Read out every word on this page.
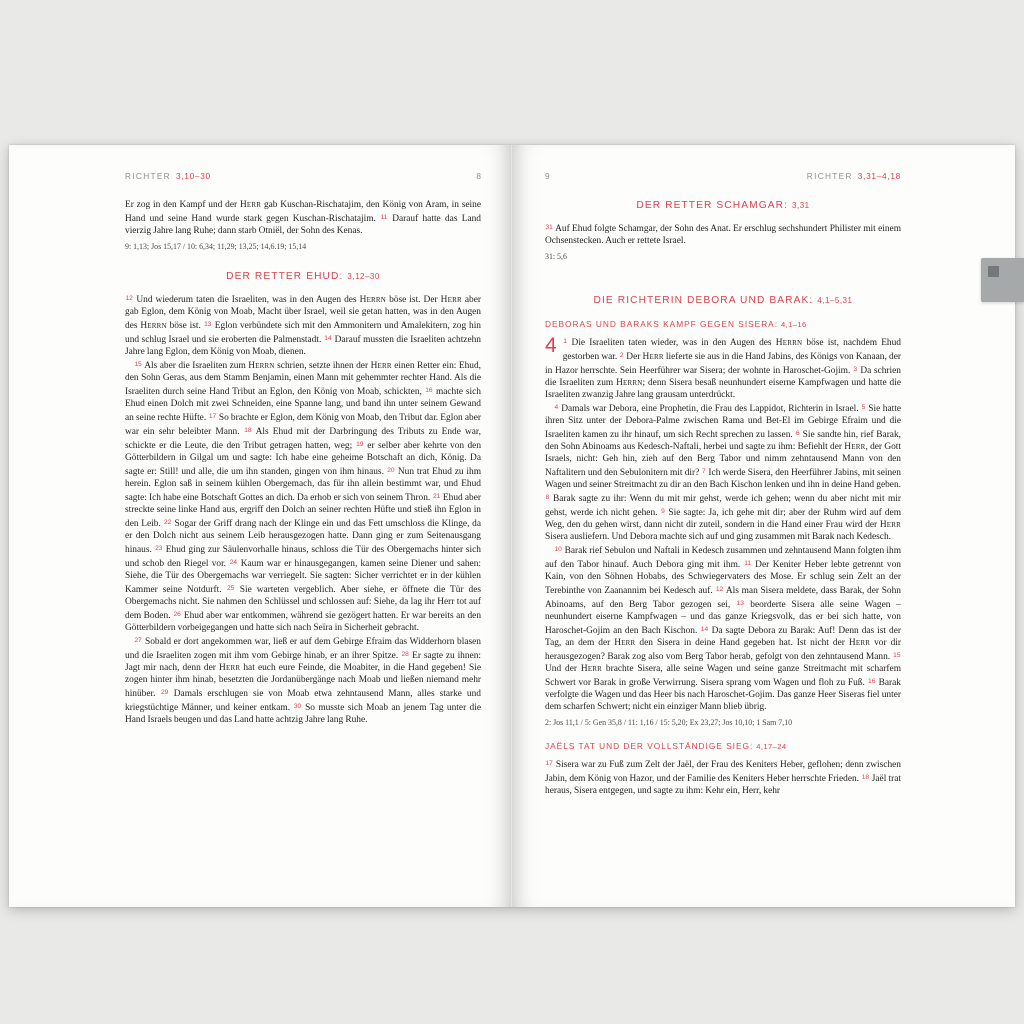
RICHTER 3,10–30	8

Er zog in den Kampf und der Herr gab Kuschan-Rischatajim, den König von Aram, in seine Hand und seine Hand wurde stark gegen Kuschan-Rischatajim. $^{11}$ Darauf hatte das Land vierzig Jahre lang Ruhe; dann starb Otniël, der Sohn des Kenas.

9: 1,13; Jos 15,17 / 10: 6,34; 11,29; 13,25; 14,6.19; 15,14

DER RETTER EHUD: 3,12–30

$^{12}$ Und wiederum taten die Israeliten, was in den Augen des Herrn böse ist. Der Herr aber gab Eglon, dem König von Moab, Macht über Israel, weil sie getan hatten, was in den Augen des Herrn böse ist. $^{13}$ Eglon verbündete sich mit den Ammonitern und Amalekitern, zog hin und schlug Israel und sie eroberten die Palmenstadt. $^{14}$ Darauf mussten die Israeliten achtzehn Jahre lang Eglon, dem König von Moab, dienen.

$^{15}$ Als aber die Israeliten zum Herrn schrien, setzte ihnen der Herr einen Retter ein: Ehud, den Sohn Geras, aus dem Stamm Benjamin, einen Mann mit gehemmter rechter Hand. Als die Israeliten durch seine Hand Tribut an Eglon, den König von Moab, schickten, $^{16}$ machte sich Ehud einen Dolch mit zwei Schneiden, eine Spanne lang, und band ihn unter seinem Gewand an seine rechte Hüfte. $^{17}$ So brachte er Eglon, dem König von Moab, den Tribut dar. Eglon aber war ein sehr beleibter Mann. $^{18}$ Als Ehud mit der Darbringung des Tributs zu Ende war, schickte er die Leute, die den Tribut getragen hatten, weg; $^{19}$ er selber aber kehrte von den Götterbildern in Gilgal um und sagte: Ich habe eine geheime Botschaft an dich, König. Da sagte er: Still! und alle, die um ihn standen, gingen von ihm hinaus. $^{20}$ Nun trat Ehud zu ihm herein. Eglon saß in seinem kühlen Obergemach, das für ihn allein bestimmt war, und Ehud sagte: Ich habe eine Botschaft Gottes an dich. Da erhob er sich von seinem Thron. $^{21}$ Ehud aber streckte seine linke Hand aus, ergriff den Dolch an seiner rechten Hüfte und stieß ihn Eglon in den Leib. $^{22}$ Sogar der Griff drang nach der Klinge ein und das Fett umschloss die Klinge, da er den Dolch nicht aus seinem Leib herausgezogen hatte. Dann ging er zum Seitenausgang hinaus. $^{23}$ Ehud ging zur Säulenvorhalle hinaus, schloss die Tür des Obergemachs hinter sich und schob den Riegel vor. $^{24}$ Kaum war er hinausgegangen, kamen seine Diener und sahen: Siehe, die Tür des Obergemachs war verriegelt. Sie sagten: Sicher verrichtet er in der kühlen Kammer seine Notdurft. $^{25}$ Sie warteten vergeblich. Aber siehe, er öffnete die Tür des Obergemachs nicht. Sie nahmen den Schlüssel und schlossen auf: Siehe, da lag ihr Herr tot auf dem Boden. $^{26}$ Ehud aber war entkommen, während sie gezögert hatten. Er war bereits an den Götterbildern vorbeigegangen und hatte sich nach Seïra in Sicherheit gebracht.

$^{27}$ Sobald er dort angekommen war, ließ er auf dem Gebirge Efraim das Widderhorn blasen und die Israeliten zogen mit ihm vom Gebirge hinab, er an ihrer Spitze. $^{28}$ Er sagte zu ihnen: Jagt mir nach, denn der Herr hat euch eure Feinde, die Moabiter, in die Hand gegeben! Sie zogen hinter ihm hinab, besetzten die Jordanübergänge nach Moab und ließen niemand mehr hinüber. $^{29}$ Damals erschlugen sie von Moab etwa zehntausend Mann, alles starke und kriegstüchtige Männer, und keiner entkam. $^{30}$ So musste sich Moab an jenem Tag unter die Hand Israels beugen und das Land hatte achtzig Jahre lang Ruhe.

9	RICHTER 3,31–4,18
DER RETTER SCHAMGAR: 3,31

$^{31}$ Auf Ehud folgte Schamgar, der Sohn des Anat. Er erschlug sechshundert Philister mit einem Ochsenstecken. Auch er rettete Israel.

31: 5,6

DIE RICHTERIN DEBORA UND BARAK: 4,1–5,31
DEBORAS UND BARAKS KAMPF GEGEN SISERA: 4,1–16

4 $^1$ Die Israeliten taten wieder, was in den Augen des Herrn böse ist, nachdem Ehud gestorben war. $^2$ Der Herr lieferte sie aus in die Hand Jabins, des Königs von Kanaan, der in Hazor herrschte. Sein Heerführer war Sisera; der wohnte in Haroschet-Gojim. $^3$ Da schrien die Israeliten zum Herrn; denn Sisera besaß neunhundert eiserne Kampfwagen und hatte die Israeliten zwanzig Jahre lang grausam unterdrückt.

$^4$ Damals war Debora, eine Prophetin, die Frau des Lappidot, Richterin in Israel. $^5$ Sie hatte ihren Sitz unter der Debora-Palme zwischen Rama und Bet-El im Gebirge Efraim und die Israeliten kamen zu ihr hinauf, um sich Recht sprechen zu lassen. $^6$ Sie sandte hin, rief Barak, den Sohn Abinoams aus Kedesch-Naftali, herbei und sagte zu ihm: Befiehlt der Herr, der Gott Israels, nicht: Geh hin, zieh auf den Berg Tabor und nimm zehntausend Mann von den Naftalitern und den Sebulonitern mit dir? $^7$ Ich werde Sisera, den Heerführer Jabins, mit seinen Wagen und seiner Streitmacht zu dir an den Bach Kischon lenken und ihn in deine Hand geben. $^8$ Barak sagte zu ihr: Wenn du mit mir gehst, werde ich gehen; wenn du aber nicht mit mir gehst, werde ich nicht gehen. $^9$ Sie sagte: Ja, ich gehe mit dir; aber der Ruhm wird auf dem Weg, den du gehen wirst, dann nicht dir zuteil, sondern in die Hand einer Frau wird der Herr Sisera ausliefern. Und Debora machte sich auf und ging zusammen mit Barak nach Kedesch.

$^{10}$ Barak rief Sebulon und Naftali in Kedesch zusammen und zehntausend Mann folgten ihm auf den Tabor hinauf. Auch Debora ging mit ihm. $^{11}$ Der Keniter Heber lebte getrennt von Kain, von den Söhnen Hobabs, des Schwiegervaters des Mose. Er schlug sein Zelt an der Terebinthe von Zaanannim bei Kedesch auf. $^{12}$ Als man Sisera meldete, dass Barak, der Sohn Abinoams, auf den Berg Tabor gezogen sei, $^{13}$ beorderte Sisera alle seine Wagen – neunhundert eiserne Kampfwagen – und das ganze Kriegsvolk, das er bei sich hatte, von Haroschet-Gojim an den Bach Kischon. $^{14}$ Da sagte Debora zu Barak: Auf! Denn das ist der Tag, an dem der Herr den Sisera in deine Hand gegeben hat. Ist nicht der Herr vor dir herausgezogen? Barak zog also vom Berg Tabor herab, gefolgt von den zehntausend Mann. $^{15}$ Und der Herr brachte Sisera, alle seine Wagen und seine ganze Streitmacht mit scharfem Schwert vor Barak in große Verwirrung. Sisera sprang vom Wagen und floh zu Fuß. $^{16}$ Barak verfolgte die Wagen und das Heer bis nach Haroschet-Gojim. Das ganze Heer Siseras fiel unter dem scharfen Schwert; nicht ein einziger Mann blieb übrig.

2: Jos 11,1 / 5: Gen 35,8 / 11: 1,16 / 15: 5,20; Ex 23,27; Jos 10,10; 1 Sam 7,10

JAËLS TAT UND DER VOLLSTÄNDIGE SIEG: 4,17–24

$^{17}$ Sisera war zu Fuß zum Zelt der Jaël, der Frau des Keniters Heber, geflohen; denn zwischen Jabin, dem König von Hazor, und der Familie des Keniters Heber herrschte Frieden. $^{18}$ Jaël trat heraus, Sisera entgegen, und sagte zu ihm: Kehr ein, Herr, kehr
